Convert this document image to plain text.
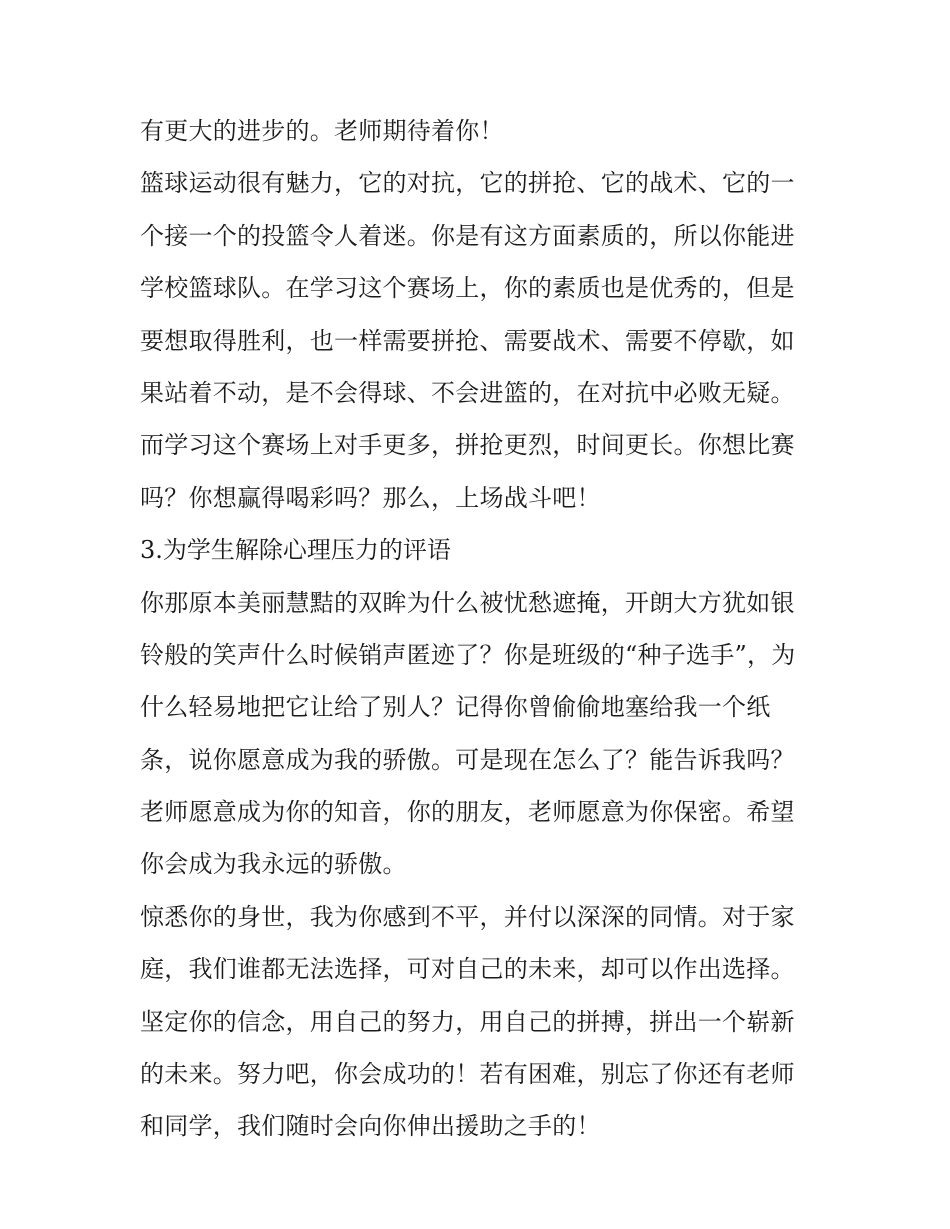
有更大的进步的。老师期待着你！
篮球运动很有魅力，它的对抗，它的拼抢、它的战术、它的一
个接一个的投篮令人着迷。你是有这方面素质的，所以你能进
学校篮球队。在学习这个赛场上，你的素质也是优秀的，但是
要想取得胜利，也一样需要拼抢、需要战术、需要不停歇，如
果站着不动，是不会得球、不会进篮的，在对抗中必败无疑。
而学习这个赛场上对手更多，拼抢更烈，时间更长。你想比赛
吗？你想赢得喝彩吗？那么，上场战斗吧！
3.为学生解除心理压力的评语
你那原本美丽慧黠的双眸为什么被忧愁遮掩，开朗大方犹如银
铃般的笑声什么时候销声匿迹了？你是班级的“种子选手”，为
什么轻易地把它让给了别人？记得你曾偷偷地塞给我一个纸
条，说你愿意成为我的骄傲。可是现在怎么了？能告诉我吗？
老师愿意成为你的知音，你的朋友，老师愿意为你保密。希望
你会成为我永远的骄傲。
惊悉你的身世，我为你感到不平，并付以深深的同情。对于家
庭，我们谁都无法选择，可对自己的未来，却可以作出选择。
坚定你的信念，用自己的努力，用自己的拼搏，拼出一个崭新
的未来。努力吧，你会成功的！若有困难，别忘了你还有老师
和同学，我们随时会向你伸出援助之手的！
